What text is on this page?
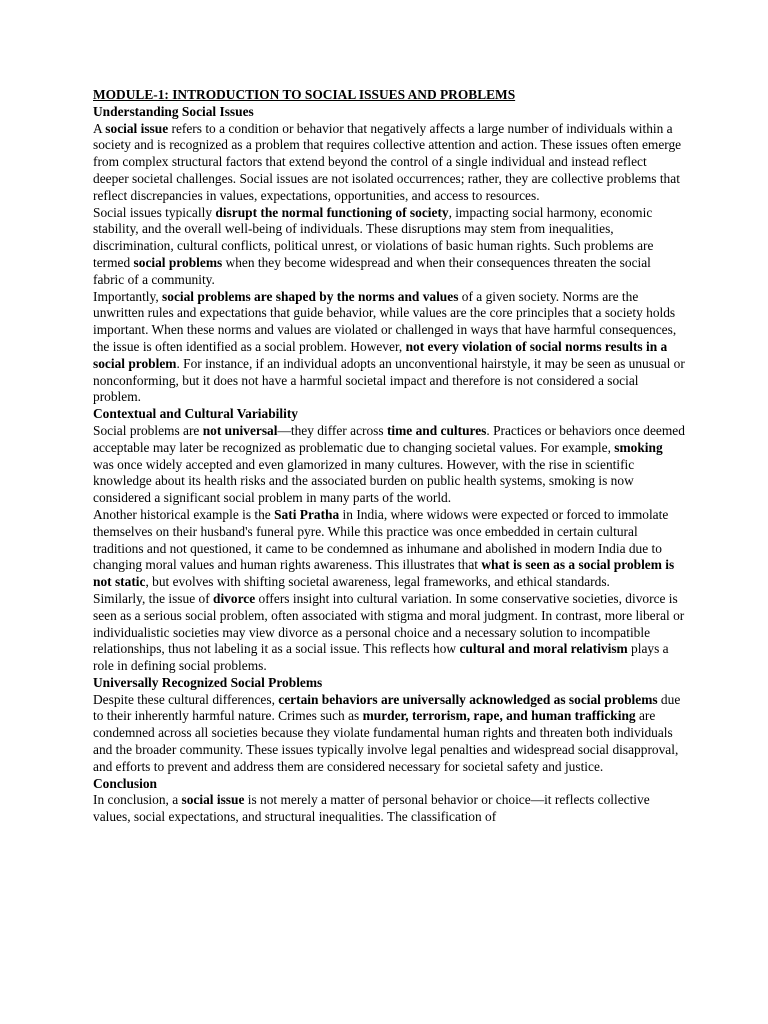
MODULE-1: INTRODUCTION TO SOCIAL ISSUES AND PROBLEMS

Understanding Social Issues

A social issue refers to a condition or behavior that negatively affects a large number of individuals within a society and is recognized as a problem that requires collective attention and action. These issues often emerge from complex structural factors that extend beyond the control of a single individual and instead reflect deeper societal challenges. Social issues are not isolated occurrences; rather, they are collective problems that reflect discrepancies in values, expectations, opportunities, and access to resources.

Social issues typically disrupt the normal functioning of society, impacting social harmony, economic stability, and the overall well-being of individuals. These disruptions may stem from inequalities, discrimination, cultural conflicts, political unrest, or violations of basic human rights. Such problems are termed social problems when they become widespread and when their consequences threaten the social fabric of a community.

Importantly, social problems are shaped by the norms and values of a given society. Norms are the unwritten rules and expectations that guide behavior, while values are the core principles that a society holds important. When these norms and values are violated or challenged in ways that have harmful consequences, the issue is often identified as a social problem. However, not every violation of social norms results in a social problem. For instance, if an individual adopts an unconventional hairstyle, it may be seen as unusual or nonconforming, but it does not have a harmful societal impact and therefore is not considered a social problem.

Contextual and Cultural Variability

Social problems are not universal—they differ across time and cultures. Practices or behaviors once deemed acceptable may later be recognized as problematic due to changing societal values. For example, smoking was once widely accepted and even glamorized in many cultures. However, with the rise in scientific knowledge about its health risks and the associated burden on public health systems, smoking is now considered a significant social problem in many parts of the world.

Another historical example is the Sati Pratha in India, where widows were expected or forced to immolate themselves on their husband's funeral pyre. While this practice was once embedded in certain cultural traditions and not questioned, it came to be condemned as inhumane and abolished in modern India due to changing moral values and human rights awareness. This illustrates that what is seen as a social problem is not static, but evolves with shifting societal awareness, legal frameworks, and ethical standards.

Similarly, the issue of divorce offers insight into cultural variation. In some conservative societies, divorce is seen as a serious social problem, often associated with stigma and moral judgment. In contrast, more liberal or individualistic societies may view divorce as a personal choice and a necessary solution to incompatible relationships, thus not labeling it as a social issue. This reflects how cultural and moral relativism plays a role in defining social problems.

Universally Recognized Social Problems

Despite these cultural differences, certain behaviors are universally acknowledged as social problems due to their inherently harmful nature. Crimes such as murder, terrorism, rape, and human trafficking are condemned across all societies because they violate fundamental human rights and threaten both individuals and the broader community. These issues typically involve legal penalties and widespread social disapproval, and efforts to prevent and address them are considered necessary for societal safety and justice.

Conclusion

In conclusion, a social issue is not merely a matter of personal behavior or choice—it reflects collective values, social expectations, and structural inequalities. The classification of
